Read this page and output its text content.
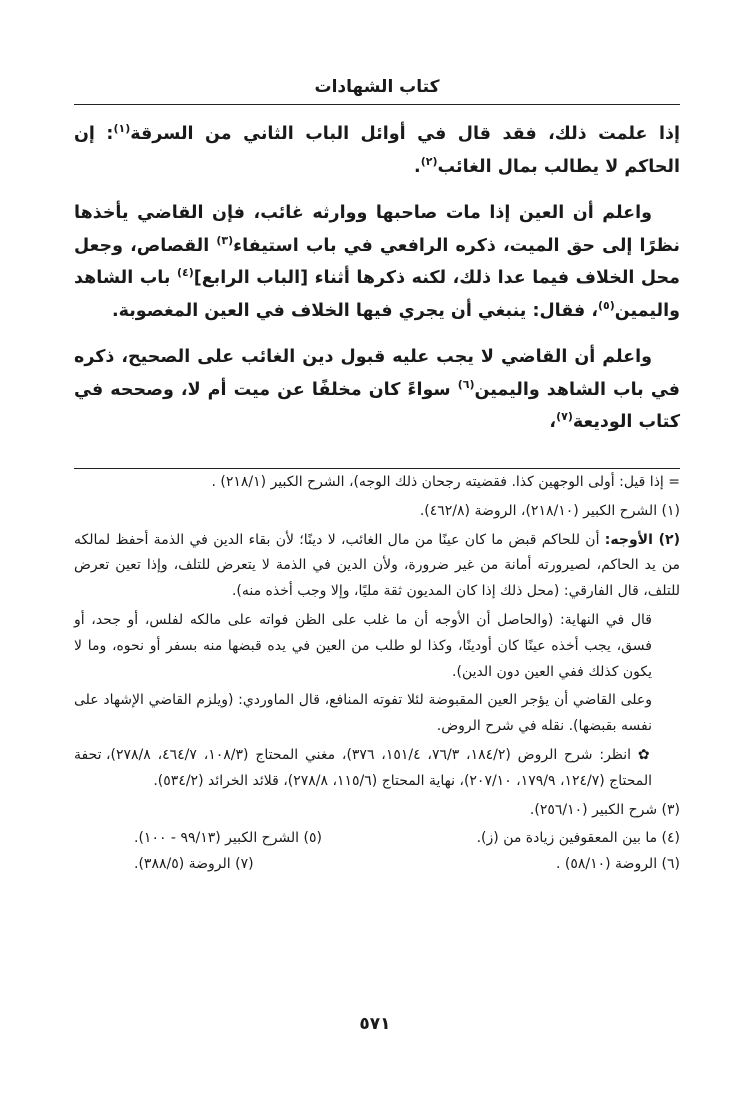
كتاب الشهادات

إذا علمت ذلك، فقد قال في أوائل الباب الثاني من السرقة$^{(١)}$: إن الحاكم لا يطالب بمال الغائب$^{(٢)}$.

واعلم أن العين إذا مات صاحبها ووارثه غائب، فإن القاضي يأخذها نظرًا إلى حق الميت، ذكره الرافعي في باب استيفاء$^{(٣)}$ القصاص، وجعل محل الخلاف فيما عدا ذلك، لكنه ذكرها أثناء [الباب الرابع]$^{(٤)}$ باب الشاهد واليمين$^{(٥)}$، فقال: ينبغي أن يجري فيها الخلاف في العين المغصوبة.

واعلم أن القاضي لا يجب عليه قبول دين الغائب على الصحيح، ذكره في باب الشاهد واليمين$^{(٦)}$ سواءً كان مخلفًا عن ميت أم لا، وصححه في كتاب الوديعة$^{(٧)}$،

= إذا قيل: أولى الوجهين كذا. فقضيته رجحان ذلك الوجه)، الشرح الكبير (٢١٨/١) .

(١) الشرح الكبير (٢١٨/١٠)، الروضة (٤٦٢/٨).

(٢) الأوجه: أن للحاكم قبض ما كان عينًا من مال الغائب، لا دينًا؛ لأن بقاء الدين في الذمة أحفظ لمالكه من يد الحاكم، لصيرورته أمانة من غير ضرورة، ولأن الدين في الذمة لا يتعرض للتلف، وإذا تعين تعرض للتلف، قال الفارقي: (محل ذلك إذا كان المديون ثقة مليًا، وإلا وجب أخذه منه).

قال في النهاية: (والحاصل أن الأوجه أن ما غلب على الظن فواته على مالكه لفلس، أو جحد، أو فسق، يجب أخذه عينًا كان أودينًا، وكذا لو طلب من العين في يده قبضها منه بسفر أو نحوه، وما لا يكون كذلك ففي العين دون الدين).

وعلى القاضي أن يؤجر العين المقبوضة لئلا تفوته المنافع، قال الماوردي: (ويلزم القاضي الإشهاد على نفسه بقبضها). نقله في شرح الروض.

✿ انظر: شرح الروض (١٨٤/٢، ٧٦/٣، ١٥١/٤، ٣٧٦)، مغني المحتاج (١٠٨/٣، ٤٦٤/٧، ٢٧٨/٨)، تحفة المحتاج (١٢٤/٧، ١٧٩/٩، ٢٠٧/١٠)، نهاية المحتاج (١١٥/٦، ٢٧٨/٨)، قلائد الخرائد (٥٣٤/٢).

(٣) شرح الكبير (٢٥٦/١٠).

(٤) ما بين المعقوفين زيادة من (ز).
(٥) الشرح الكبير (٩٩/١٣ - ١٠٠).
(٦) الروضة (٥٨/١٠) .
(٧) الروضة (٣٨٨/٥).
٥٧١
